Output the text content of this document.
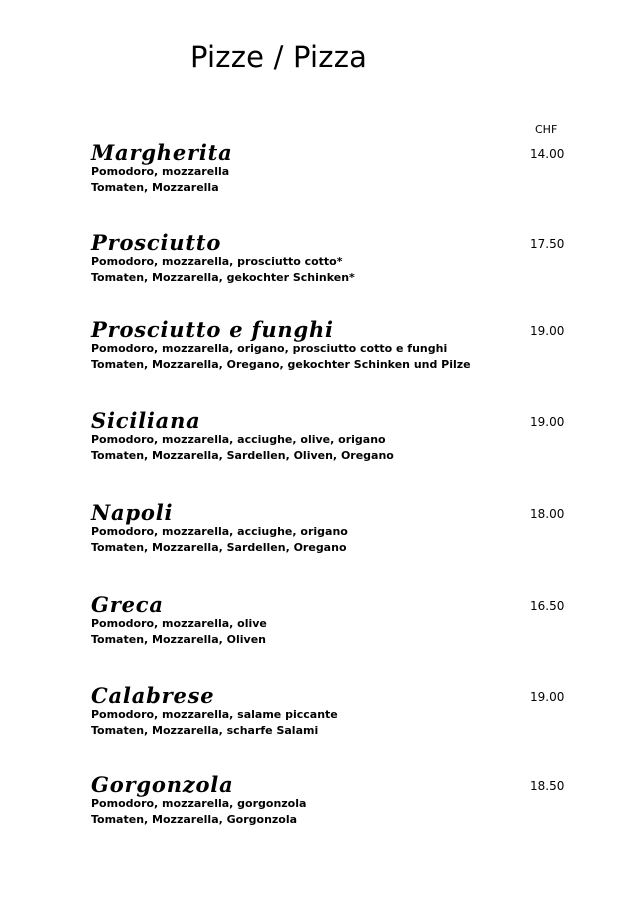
Pizze / Pizza
CHF
Margherita	14.00
Pomodoro, mozzarella
Tomaten, Mozzarella
Prosciutto	17.50
Pomodoro, mozzarella, prosciutto cotto*
Tomaten, Mozzarella, gekochter Schinken*
Prosciutto e funghi	19.00
Pomodoro, mozzarella, origano, prosciutto cotto e funghi
Tomaten, Mozzarella, Oregano, gekochter Schinken und Pilze
Siciliana	19.00
Pomodoro, mozzarella, acciughe, olive, origano
Tomaten, Mozzarella, Sardellen, Oliven, Oregano
Napoli	18.00
Pomodoro, mozzarella, acciughe, origano
Tomaten, Mozzarella, Sardellen, Oregano
Greca	16.50
Pomodoro, mozzarella, olive
Tomaten, Mozzarella, Oliven
Calabrese	19.00
Pomodoro, mozzarella, salame piccante
Tomaten, Mozzarella, scharfe Salami
Gorgonzola	18.50
Pomodoro, mozzarella, gorgonzola
Tomaten, Mozzarella, Gorgonzola
